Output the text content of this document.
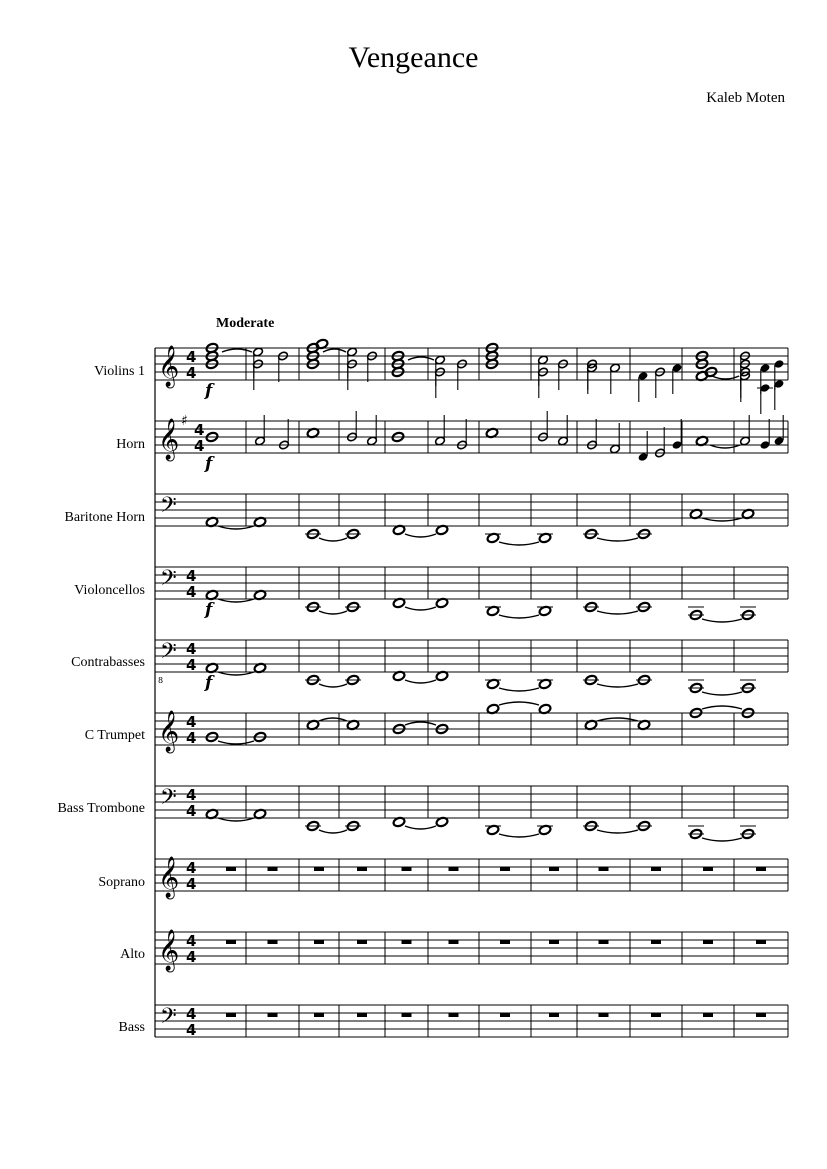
Vengeance
Kaleb Moten
Moderate
Violins 1
Horn
Baritone Horn
Violoncellos
Contrabasses
C Trumpet
Bass Trombone
Soprano
Alto
Bass
𝄞 4
4
f
𝄞 ♯ 4
4
f
𝄢
𝄢 4
4
f
𝄢
8
4
4
f
𝄞 4
4
𝄢 4
4
𝄞 4
4
𝄞 4
4
𝄢 4
4
